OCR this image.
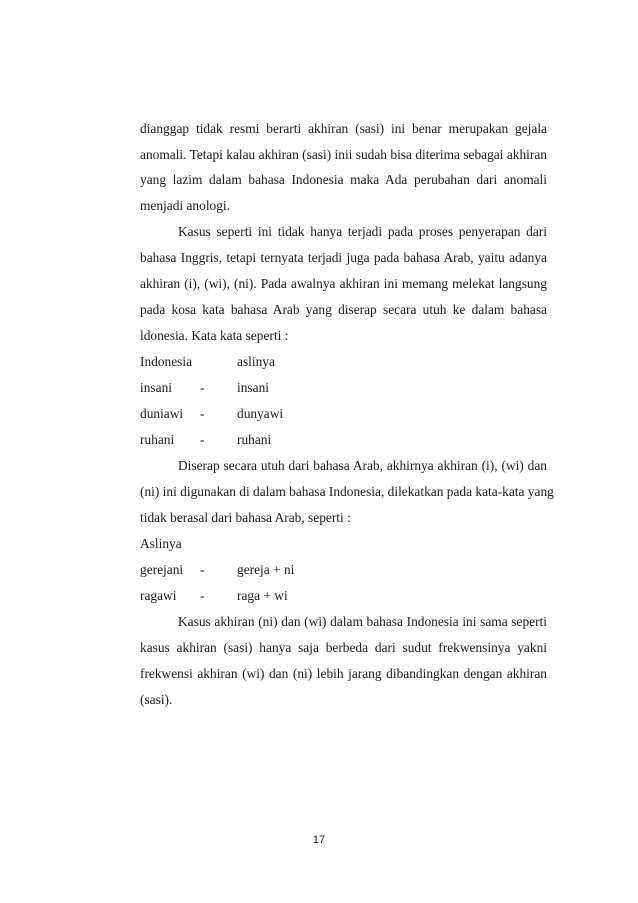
dianggap tidak resmi berarti akhiran (sasi) ini benar merupakan gejala
anomali. Tetapi kalau akhiran (sasi) inii sudah bisa diterima sebagai akhiran
yang lazim dalam bahasa Indonesia maka Ada perubahan dari anomali
menjadi anologi.
Kasus seperti ini tidak hanya terjadi pada proses penyerapan dari
bahasa Inggris, tetapi ternyata terjadi juga pada bahasa Arab, yaitu adanya
akhiran (i), (wi), (ni). Pada awalnya akhiran ini memang melekat langsung
pada kosa kata bahasa Arab yang diserap secara utuh ke dalam bahasa
ldonesia. Kata kata seperti :
Indonesia	aslinya
insani - insani
duniawi - dunyawi
ruhani - ruhani
Diserap secara utuh dari bahasa Arab, akhirnya akhiran (i), (wi) dan
(ni) ini digunakan di dalam bahasa Indonesia, dilekatkan pada kata-kata yang
tidak berasal dari bahasa Arab, seperti :
Aslinya
gerejani - gereja + ni
ragawi - raga + wi
Kasus akhiran (ni) dan (wi) dalam bahasa Indonesia ini sama seperti
kasus akhiran (sasi) hanya saja berbeda dari sudut frekwensinya yakni
frekwensi akhiran (wi) dan (ni) lebih jarang dibandingkan dengan akhiran
(sasi).
17
